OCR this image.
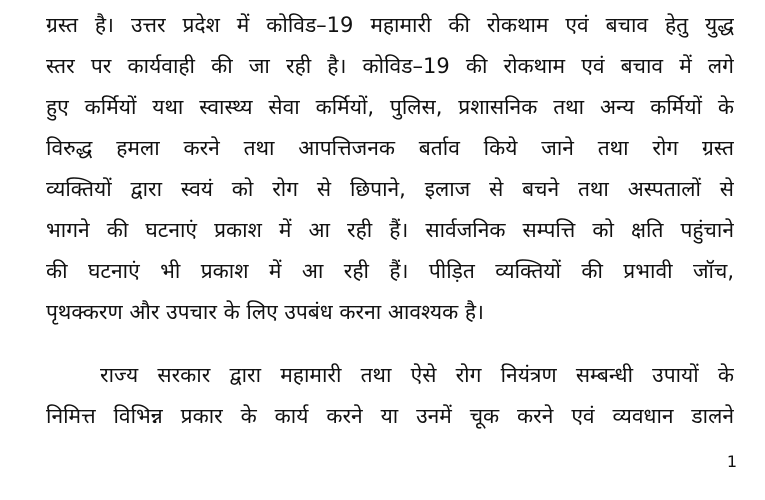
ग्रस्त है। उत्तर प्रदेश में कोविड–19 महामारी की रोकथाम एवं बचाव हेतु युद्ध
स्तर पर कार्यवाही की जा रही है। कोविड–19 की रोकथाम एवं बचाव में लगे
हुए कर्मियों यथा स्वास्थ्य सेवा कर्मियों, पुलिस, प्रशासनिक तथा अन्य कर्मियों के
विरुद्ध हमला करने तथा आपत्तिजनक बर्ताव किये जाने तथा रोग ग्रस्त
व्यक्तियों द्वारा स्वयं को रोग से छिपाने, इलाज से बचने तथा अस्पतालों से
भागने की घटनाएं प्रकाश में आ रही हैं। सार्वजनिक सम्पत्ति को क्षति पहुंचाने
की घटनाएं भी प्रकाश में आ रही हैं। पीड़ित व्यक्तियों की प्रभावी जॉच,
पृथक्करण और उपचार के लिए उपबंध करना आवश्यक है।
राज्य सरकार द्वारा महामारी तथा ऐसे रोग नियंत्रण सम्बन्धी उपायों के
निमित्त विभिन्न प्रकार के कार्य करने या उनमें चूक करने एवं व्यवधान डालने
1
